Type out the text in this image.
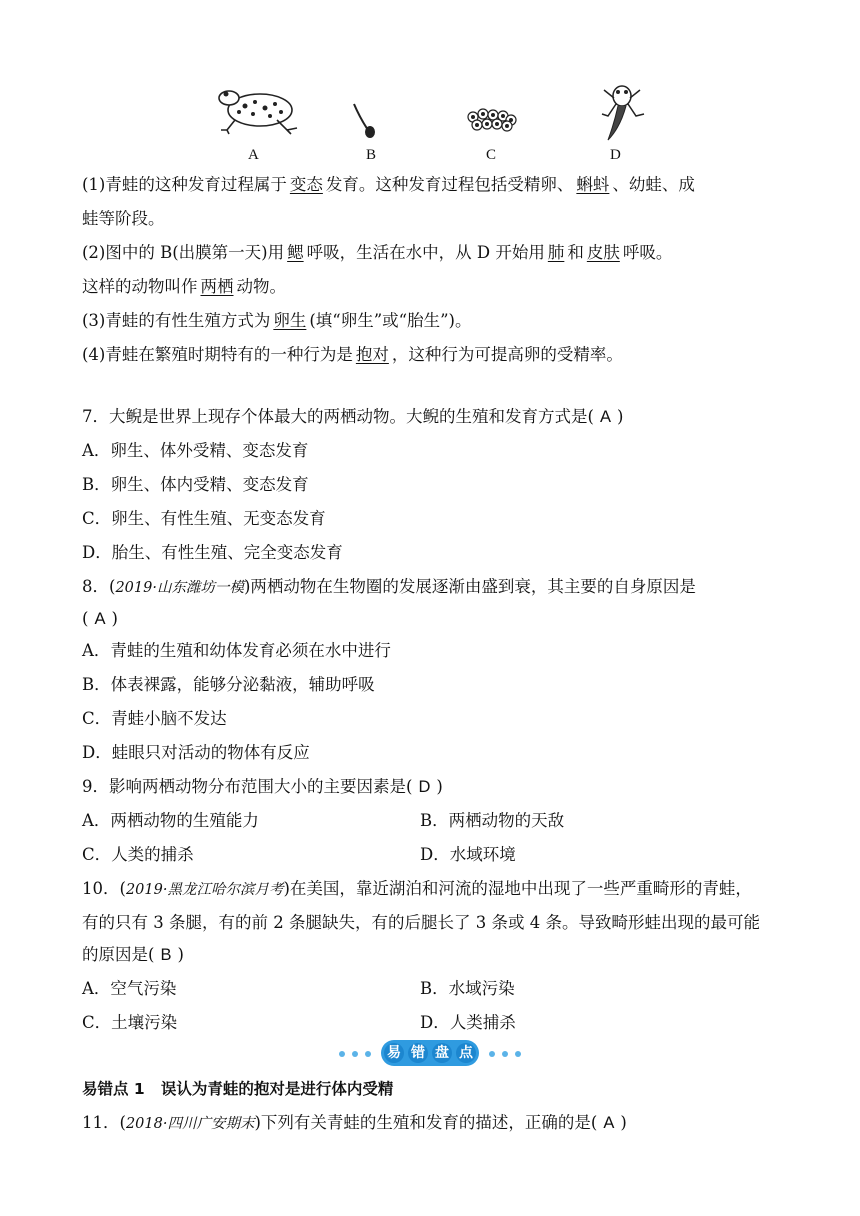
A	B	C	D
(1)青蛙的这种发育过程属于 变态 发育。这种发育过程包括受精卵、 蝌蚪 、幼蛙、成
蛙等阶段。
(2)图中的 B(出膜第一天)用 鳃 呼吸，生活在水中，从 D 开始用 肺 和 皮肤 呼吸。
这样的动物叫作 两栖 动物。
(3)青蛙的有性生殖方式为 卵生 (填“卵生”或“胎生”)。
(4)青蛙在繁殖时期特有的一种行为是 抱对 ，这种行为可提高卵的受精率。
7．大鲵是世界上现存个体最大的两栖动物。大鲵的生殖和发育方式是( A )
A．卵生、体外受精、变态发育
B．卵生、体内受精、变态发育
C．卵生、有性生殖、无变态发育
D．胎生、有性生殖、完全变态发育
8．(2019·山东潍坊一模)两栖动物在生物圈的发展逐渐由盛到衰，其主要的自身原因是
( A )
A．青蛙的生殖和幼体发育必须在水中进行
B．体表裸露，能够分泌黏液，辅助呼吸
C．青蛙小脑不发达
D．蛙眼只对活动的物体有反应
9．影响两栖动物分布范围大小的主要因素是( D )
A．两栖动物的生殖能力	B．两栖动物的天敌
C．人类的捕杀	D．水域环境
10．(2019·黑龙江哈尔滨月考)在美国，靠近湖泊和河流的湿地中出现了一些严重畸形的青蛙，
有的只有 3 条腿，有的前 2 条腿缺失，有的后腿长了 3 条或 4 条。导致畸形蛙出现的最可能
的原因是( B )
A．空气污染	B．水域污染
C．土壤污染	D．人类捕杀
易 错 盘 点
易错点 1 误认为青蛙的抱对是进行体内受精
11．(2018·四川广安期末)下列有关青蛙的生殖和发育的描述，正确的是( A )
